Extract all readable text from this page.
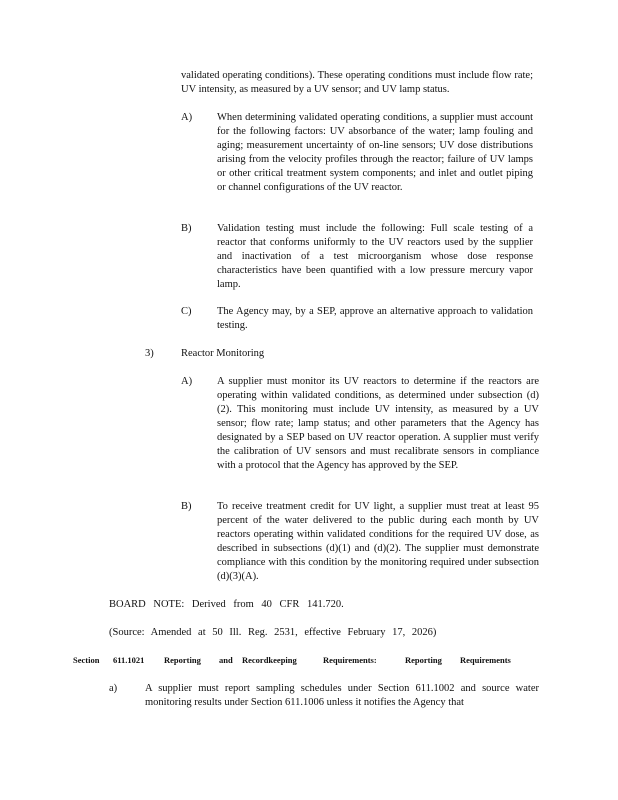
validated operating conditions). These operating conditions must include flow rate; UV intensity, as measured by a UV sensor; and UV lamp status.
A) When determining validated operating conditions, a supplier must account for the following factors: UV absorbance of the water; lamp fouling and aging; measurement uncertainty of on-line sensors; UV dose distributions arising from the velocity profiles through the reactor; failure of UV lamps or other critical treatment system components; and inlet and outlet piping or channel configurations of the UV reactor.
B) Validation testing must include the following: Full scale testing of a reactor that conforms uniformly to the UV reactors used by the supplier and inactivation of a test microorganism whose dose response characteristics have been quantified with a low pressure mercury vapor lamp.
C) The Agency may, by a SEP, approve an alternative approach to validation testing.
3)	Reactor Monitoring
A) A supplier must monitor its UV reactors to determine if the reactors are operating within validated conditions, as determined under subsection (d)(2). This monitoring must include UV intensity, as measured by a UV sensor; flow rate; lamp status; and other parameters that the Agency has designated by a SEP based on UV reactor operation. A supplier must verify the calibration of UV sensors and must recalibrate sensors in compliance with a protocol that the Agency has approved by the SEP.
B) To receive treatment credit for UV light, a supplier must treat at least 95 percent of the water delivered to the public during each month by UV reactors operating within validated conditions for the required UV dose, as described in subsections (d)(1) and (d)(2). The supplier must demonstrate compliance with this condition by the monitoring required under subsection (d)(3)(A).
BOARD NOTE: Derived from 40 CFR 141.720.
(Source: Amended at 50 Ill. Reg. 2531, effective February 17, 2026)
Section 611.1021 Reporting and Recordkeeping	Requirements:	Reporting Requirements
a)	A supplier must report sampling schedules under Section 611.1002 and source water monitoring results under Section 611.1006 unless it notifies the Agency that
